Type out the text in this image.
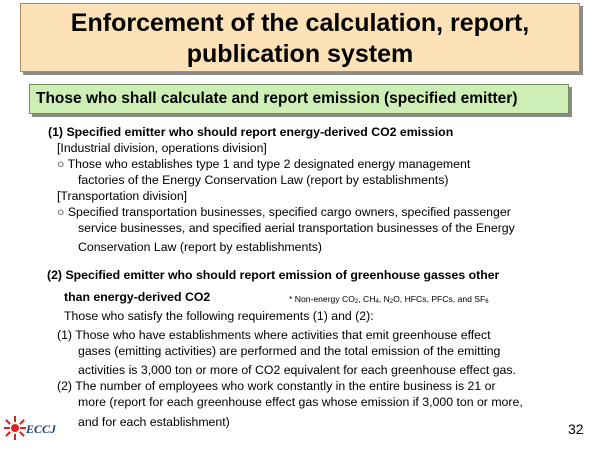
Enforcement of the calculation, report,
publication system
Those who shall calculate and report emission (specified emitter)
(1) Specified emitter who should report energy-derived CO2 emission
[Industrial division, operations division]
○ Those who establishes type 1 and type 2 designated energy management
factories of the Energy Conservation Law (report by establishments)
[Transportation division]
○ Specified transportation businesses, specified cargo owners, specified passenger
service businesses, and specified aerial transportation businesses of the Energy
Conservation Law (report by establishments)
(2) Specified emitter who should report emission of greenhouse gasses other
than energy-derived CO2	* Non-energy $CO_2$, $CH_4$, $N_2O$, HFCs, PFCs, and $SF_6$
Those who satisfy the following requirements (1) and (2):
(1) Those who have establishments where activities that emit greenhouse effect
gases (emitting activities) are performed and the total emission of the emitting
activities is 3,000 ton or more of CO2 equivalent for each greenhouse effect gas.
(2) The number of employees who work constantly in the entire business is 21 or
more (report for each greenhouse effect gas whose emission if 3,000 ton or more,
and for each establishment)
ECCJ	32
